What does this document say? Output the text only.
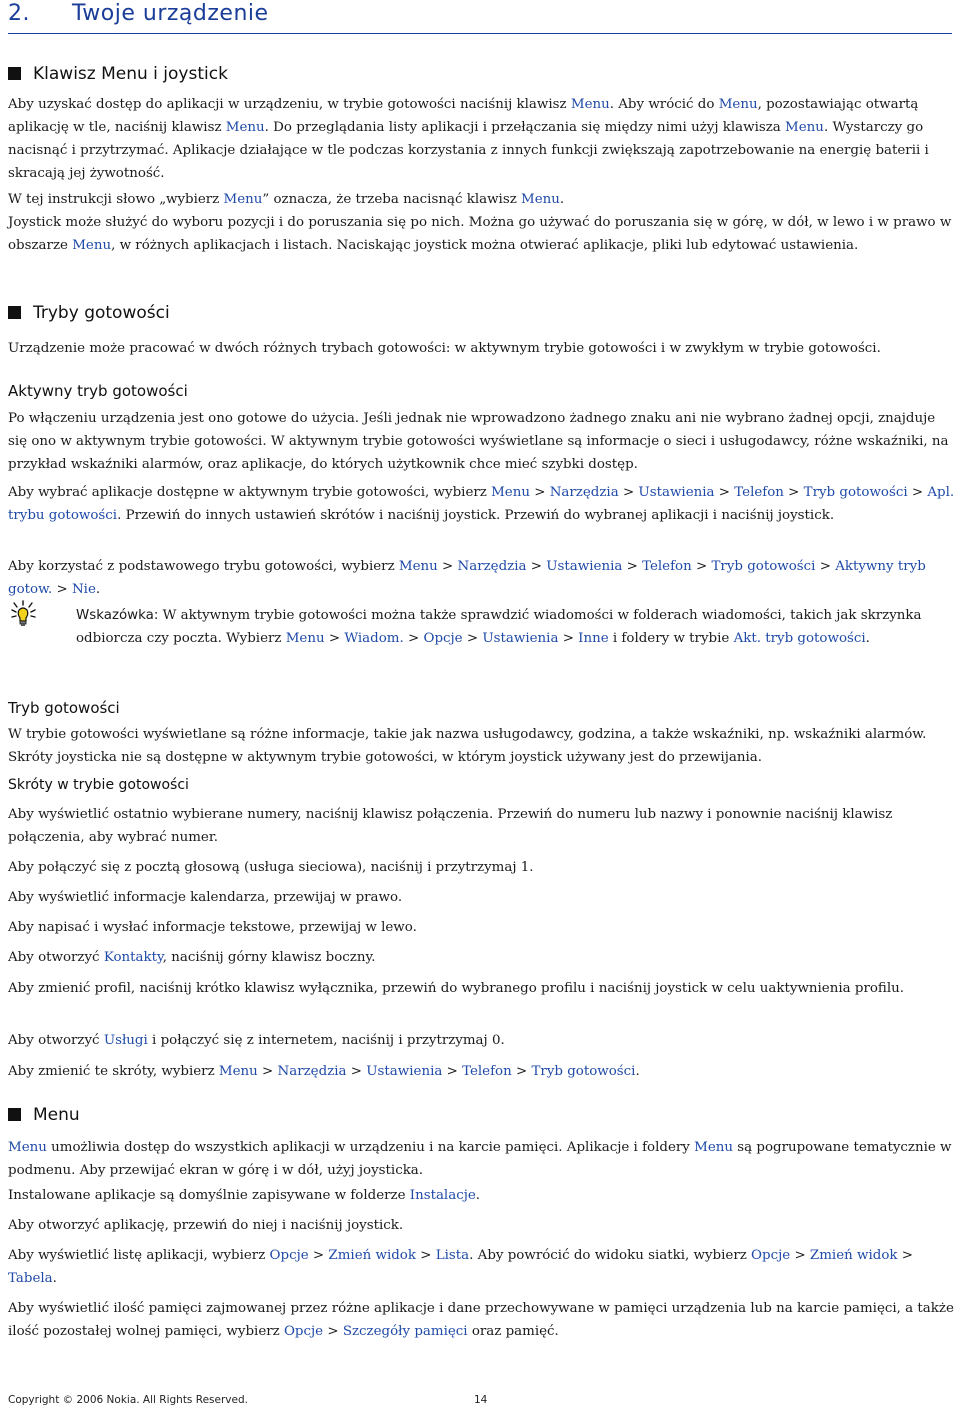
2. Twoje urządzenie
Klawisz Menu i joystick

Aby uzyskać dostęp do aplikacji w urządzeniu, w trybie gotowości naciśnij klawisz Menu. Aby wrócić do Menu, pozostawiając otwartą aplikację w tle, naciśnij klawisz Menu. Do przeglądania listy aplikacji i przełączania się między nimi użyj klawisza Menu. Wystarczy go nacisnąć i przytrzymać. Aplikacje działające w tle podczas korzystania z innych funkcji zwiększają zapotrzebowanie na energię baterii i skracają jej żywotność.

W tej instrukcji słowo „wybierz Menu” oznacza, że trzeba nacisnąć klawisz Menu.

Joystick może służyć do wyboru pozycji i do poruszania się po nich. Można go używać do poruszania się w górę, w dół, w lewo i w prawo w obszarze Menu, w różnych aplikacjach i listach. Naciskając joystick można otwierać aplikacje, pliki lub edytować ustawienia.

Tryby gotowości

Urządzenie może pracować w dwóch różnych trybach gotowości: w aktywnym trybie gotowości i w zwykłym w trybie gotowości.

Aktywny tryb gotowości

Po włączeniu urządzenia jest ono gotowe do użycia. Jeśli jednak nie wprowadzono żadnego znaku ani nie wybrano żadnej opcji, znajduje się ono w aktywnym trybie gotowości. W aktywnym trybie gotowości wyświetlane są informacje o sieci i usługodawcy, różne wskaźniki, na przykład wskaźniki alarmów, oraz aplikacje, do których użytkownik chce mieć szybki dostęp.

Aby wybrać aplikacje dostępne w aktywnym trybie gotowości, wybierz Menu > Narzędzia > Ustawienia > Telefon > Tryb gotowości > Apl. trybu gotowości. Przewiń do innych ustawień skrótów i naciśnij joystick. Przewiń do wybranej aplikacji i naciśnij joystick.

Aby korzystać z podstawowego trybu gotowości, wybierz Menu > Narzędzia > Ustawienia > Telefon > Tryb gotowości > Aktywny tryb gotow. > Nie.

Wskazówka: W aktywnym trybie gotowości można także sprawdzić wiadomości w folderach wiadomości, takich jak skrzynka odbiorcza czy poczta. Wybierz Menu > Wiadom. > Opcje > Ustawienia > Inne i foldery w trybie Akt. tryb gotowości.

Tryb gotowości

W trybie gotowości wyświetlane są różne informacje, takie jak nazwa usługodawcy, godzina, a także wskaźniki, np. wskaźniki alarmów. Skróty joysticka nie są dostępne w aktywnym trybie gotowości, w którym joystick używany jest do przewijania.

Skróty w trybie gotowości

Aby wyświetlić ostatnio wybierane numery, naciśnij klawisz połączenia. Przewiń do numeru lub nazwy i ponownie naciśnij klawisz połączenia, aby wybrać numer.

Aby połączyć się z pocztą głosową (usługa sieciowa), naciśnij i przytrzymaj 1.

Aby wyświetlić informacje kalendarza, przewijaj w prawo.

Aby napisać i wysłać informacje tekstowe, przewijaj w lewo.

Aby otworzyć Kontakty, naciśnij górny klawisz boczny.

Aby zmienić profil, naciśnij krótko klawisz wyłącznika, przewiń do wybranego profilu i naciśnij joystick w celu uaktywnienia profilu.

Aby otworzyć Usługi i połączyć się z internetem, naciśnij i przytrzymaj 0.

Aby zmienić te skróty, wybierz Menu > Narzędzia > Ustawienia > Telefon > Tryb gotowości.

Menu

Menu umożliwia dostęp do wszystkich aplikacji w urządzeniu i na karcie pamięci. Aplikacje i foldery Menu są pogrupowane tematycznie w podmenu. Aby przewijać ekran w górę i w dół, użyj joysticka.

Instalowane aplikacje są domyślnie zapisywane w folderze Instalacje.

Aby otworzyć aplikację, przewiń do niej i naciśnij joystick.

Aby wyświetlić listę aplikacji, wybierz Opcje > Zmień widok > Lista. Aby powrócić do widoku siatki, wybierz Opcje > Zmień widok > Tabela.

Aby wyświetlić ilość pamięci zajmowanej przez różne aplikacje i dane przechowywane w pamięci urządzenia lub na karcie pamięci, a także ilość pozostałej wolnej pamięci, wybierz Opcje > Szczegóły pamięci oraz pamięć.

Copyright © 2006 Nokia. All Rights Reserved.	14
